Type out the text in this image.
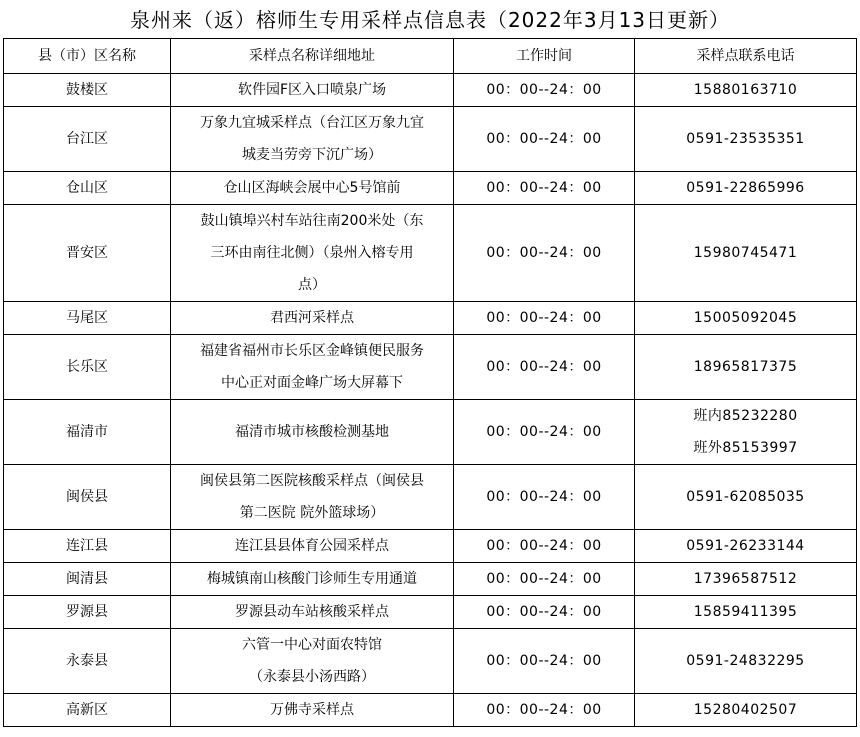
泉州来（返）榕师生专用采样点信息表（2022年3月13日更新）
县（市）区名称	采样点名称详细地址	工作时间	采样点联系电话
鼓楼区	软件园F区入口喷泉广场	00：00--24：00	15880163710

台江区	万象九宜城采样点（台江区万象九宜
城麦当劳旁下沉广场）	00：00--24：00	0591-23535351

仓山区	仓山区海峡会展中心5号馆前	00：00--24：00	0591-22865996

晋安区	鼓山镇埠兴村车站往南200米处（东
三环由南往北侧）（泉州入榕专用
点）	00：00--24：00	15980745471

马尾区	君西河采样点	00：00--24：00	15005092045

长乐区	福建省福州市长乐区金峰镇便民服务
中心正对面金峰广场大屏幕下	00：00--24：00	18965817375

福清市	福清市城市核酸检测基地	00：00--24：00	班内85232280
班外85153997

闽侯县	闽侯县第二医院核酸采样点（闽侯县
第二医院 院外篮球场）	00：00--24：00	0591-62085035

连江县	连江县县体育公园采样点	00：00--24：00	0591-26233144

闽清县	梅城镇南山核酸门诊师生专用通道	00：00--24：00	17396587512

罗源县	罗源县动车站核酸采样点	00：00--24：00	15859411395

永泰县	六管一中心对面农特馆
（永泰县小汤西路）	00：00--24：00	0591-24832295

高新区	万佛寺采样点	00：00--24：00	15280402507
